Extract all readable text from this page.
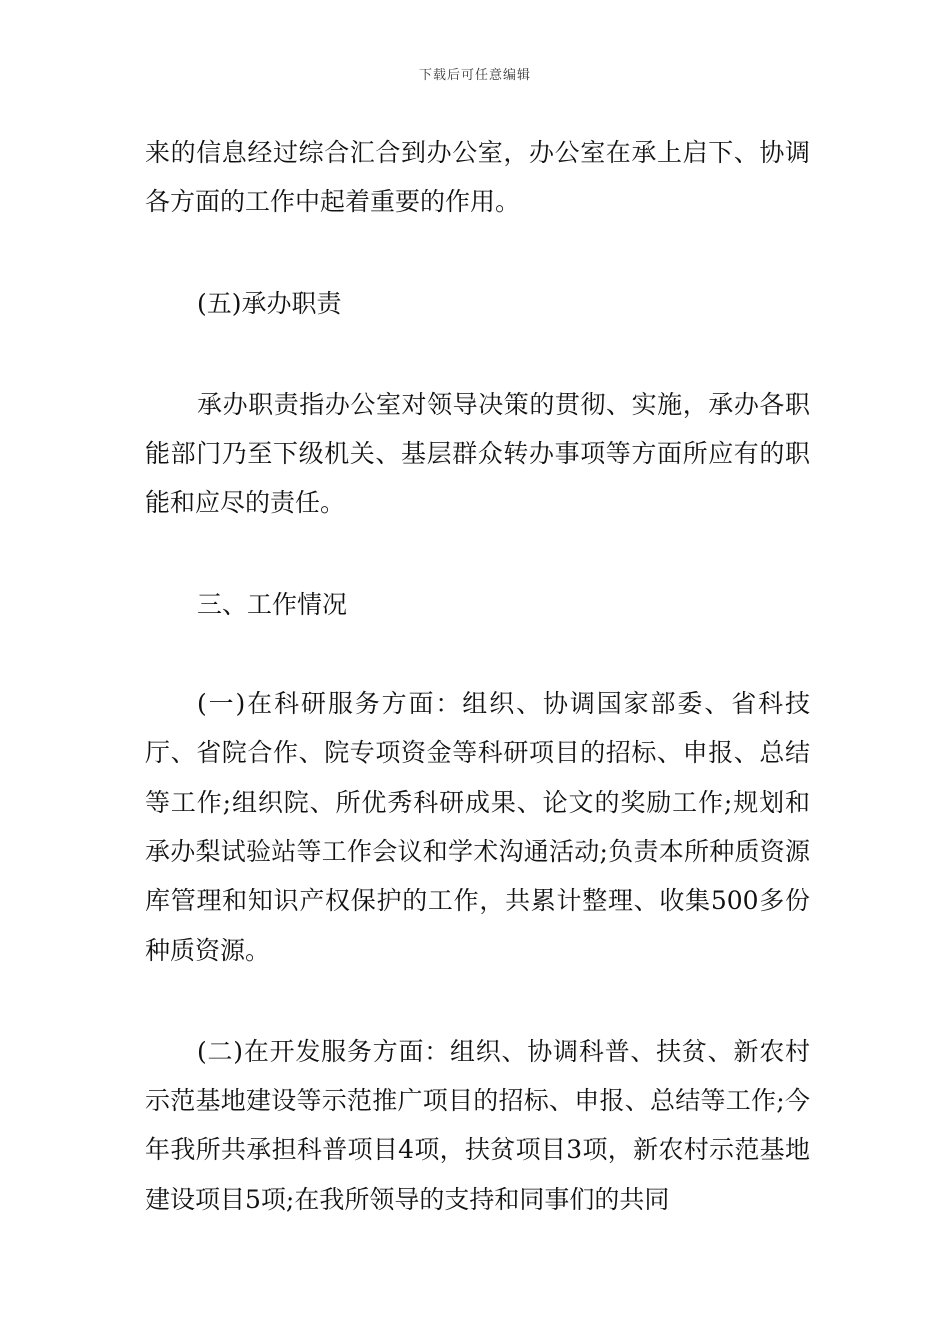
下载后可任意编辑

来的信息经过综合汇合到办公室，办公室在承上启下、协调各方面的工作中起着重要的作用。

(五)承办职责

承办职责指办公室对领导决策的贯彻、实施，承办各职能部门乃至下级机关、基层群众转办事项等方面所应有的职能和应尽的责任。

三、工作情况

(一)在科研服务方面：组织、协调国家部委、省科技厅、省院合作、院专项资金等科研项目的招标、申报、总结等工作;组织院、所优秀科研成果、论文的奖励工作;规划和承办梨试验站等工作会议和学术沟通活动;负责本所种质资源库管理和知识产权保护的工作，共累计整理、收集500多份种质资源。

(二)在开发服务方面：组织、协调科普、扶贫、新农村示范基地建设等示范推广项目的招标、申报、总结等工作;今年我所共承担科普项目4项，扶贫项目3项，新农村示范基地建设项目5项;在我所领导的支持和同事们的共同
